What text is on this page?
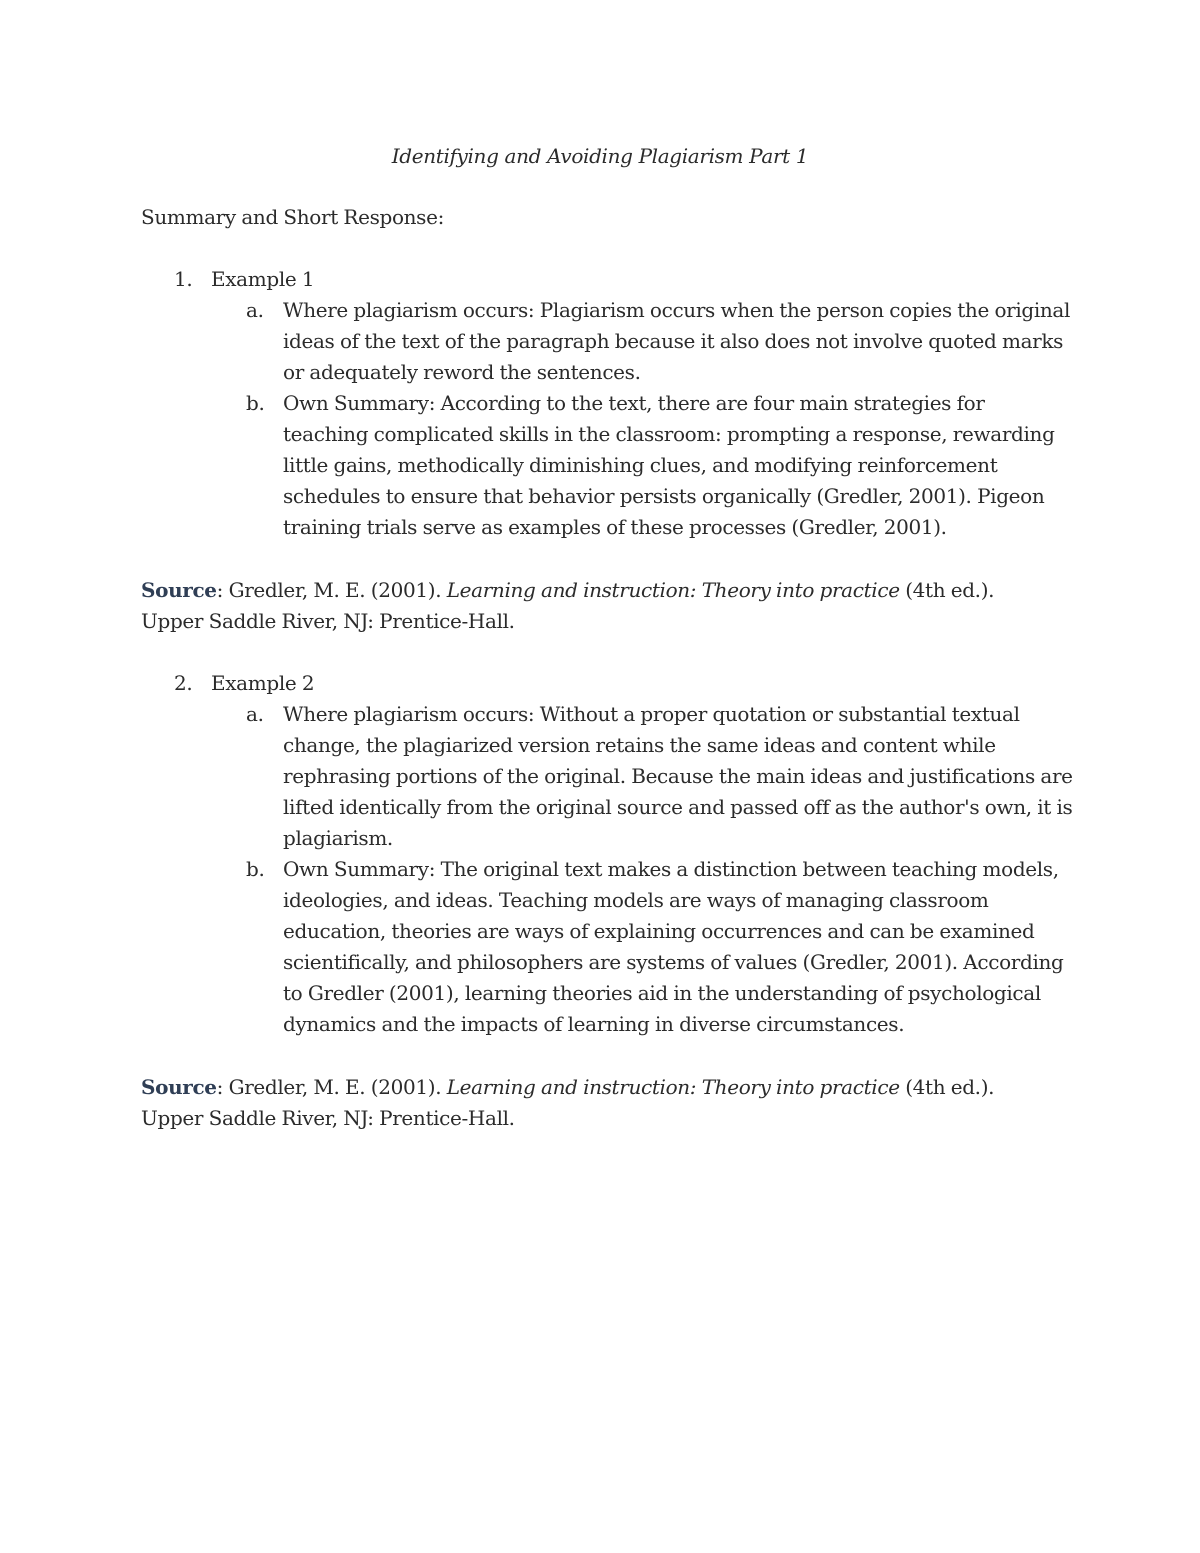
Identifying and Avoiding Plagiarism Part 1
Summary and Short Response:
1. Example 1
a. Where plagiarism occurs: Plagiarism occurs when the person copies the original ideas of the text of the paragraph because it also does not involve quoted marks or adequately reword the sentences.
b. Own Summary: According to the text, there are four main strategies for teaching complicated skills in the classroom: prompting a response, rewarding little gains, methodically diminishing clues, and modifying reinforcement schedules to ensure that behavior persists organically (Gredler, 2001). Pigeon training trials serve as examples of these processes (Gredler, 2001).
Source: Gredler, M. E. (2001). Learning and instruction: Theory into practice (4th ed.). Upper Saddle River, NJ: Prentice-Hall.
2. Example 2
a. Where plagiarism occurs: Without a proper quotation or substantial textual change, the plagiarized version retains the same ideas and content while rephrasing portions of the original. Because the main ideas and justifications are lifted identically from the original source and passed off as the author's own, it is plagiarism.
b. Own Summary: The original text makes a distinction between teaching models, ideologies, and ideas. Teaching models are ways of managing classroom education, theories are ways of explaining occurrences and can be examined scientifically, and philosophers are systems of values (Gredler, 2001). According to Gredler (2001), learning theories aid in the understanding of psychological dynamics and the impacts of learning in diverse circumstances.
Source: Gredler, M. E. (2001). Learning and instruction: Theory into practice (4th ed.). Upper Saddle River, NJ: Prentice-Hall.
